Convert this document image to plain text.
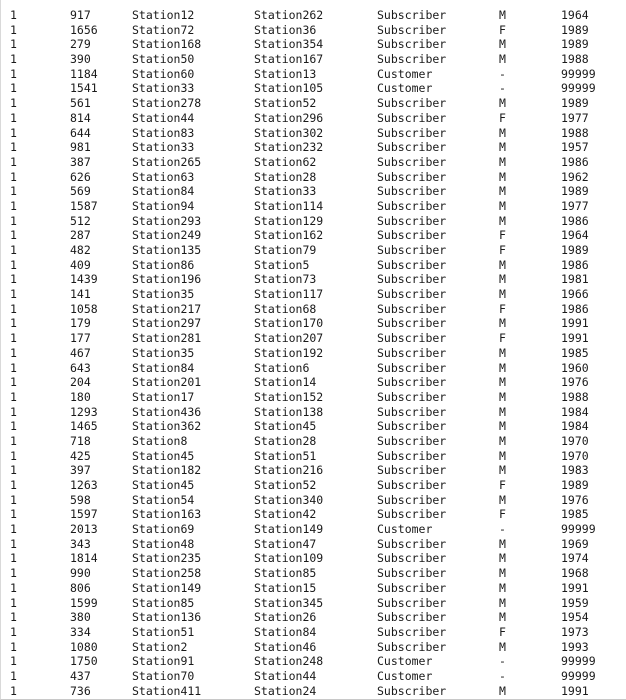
1	917	Station12	Station262	Subscriber	M	1964
1	1656	Station72	Station36	Subscriber	F	1989
1	279	Station168	Station354	Subscriber	M	1989
1	390	Station50	Station167	Subscriber	M	1988
1	1184	Station60	Station13	Customer	-	99999
1	1541	Station33	Station105	Customer	-	99999
1	561	Station278	Station52	Subscriber	M	1989
1	814	Station44	Station296	Subscriber	F	1977
1	644	Station83	Station302	Subscriber	M	1988
1	981	Station33	Station232	Subscriber	M	1957
1	387	Station265	Station62	Subscriber	M	1986
1	626	Station63	Station28	Subscriber	M	1962
1	569	Station84	Station33	Subscriber	M	1989
1	1587	Station94	Station114	Subscriber	M	1977
1	512	Station293	Station129	Subscriber	M	1986
1	287	Station249	Station162	Subscriber	F	1964
1	482	Station135	Station79	Subscriber	F	1989
1	409	Station86	Station5	Subscriber	M	1986
1	1439	Station196	Station73	Subscriber	M	1981
1	141	Station35	Station117	Subscriber	M	1966
1	1058	Station217	Station68	Subscriber	F	1986
1	179	Station297	Station170	Subscriber	M	1991
1	177	Station281	Station207	Subscriber	F	1991
1	467	Station35	Station192	Subscriber	M	1985
1	643	Station84	Station6	Subscriber	M	1960
1	204	Station201	Station14	Subscriber	M	1976
1	180	Station17	Station152	Subscriber	M	1988
1	1293	Station436	Station138	Subscriber	M	1984
1	1465	Station362	Station45	Subscriber	M	1984
1	718	Station8	Station28	Subscriber	M	1970
1	425	Station45	Station51	Subscriber	M	1970
1	397	Station182	Station216	Subscriber	M	1983
1	1263	Station45	Station52	Subscriber	F	1989
1	598	Station54	Station340	Subscriber	M	1976
1	1597	Station163	Station42	Subscriber	F	1985
1	2013	Station69	Station149	Customer	-	99999
1	343	Station48	Station47	Subscriber	M	1969
1	1814	Station235	Station109	Subscriber	M	1974
1	990	Station258	Station85	Subscriber	M	1968
1	806	Station149	Station15	Subscriber	M	1991
1	1599	Station85	Station345	Subscriber	M	1959
1	380	Station136	Station26	Subscriber	M	1954
1	334	Station51	Station84	Subscriber	F	1973
1	1080	Station2	Station46	Subscriber	M	1993
1	1750	Station91	Station248	Customer	-	99999
1	437	Station70	Station44	Customer	-	99999
1	736	Station411	Station24	Subscriber	M	1991
